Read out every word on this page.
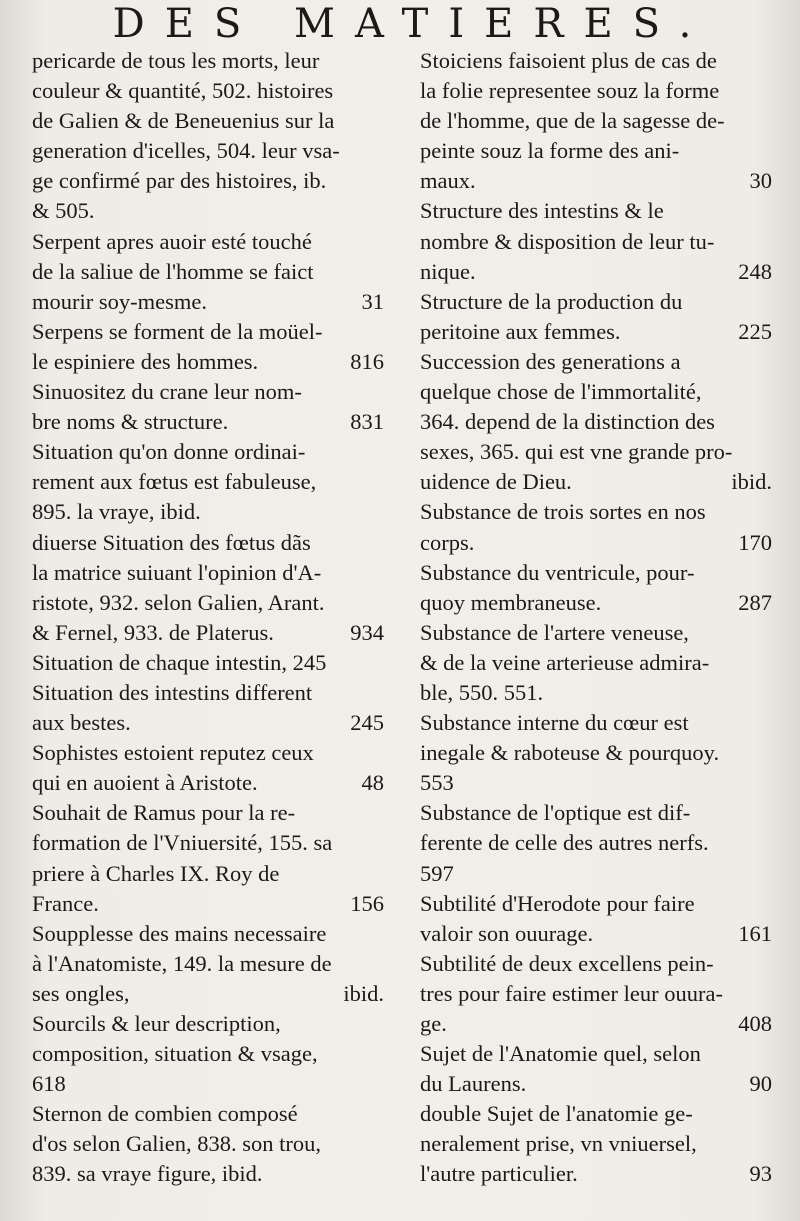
DES MATIERES.
pericarde de tous les morts, leur
couleur & quantité, 502. histoires
de Galien & de Beneuenius sur la
generation d'icelles, 504. leur vsa-
ge confirmé par des histoires, ib.
& 505.
Serpent apres auoir esté touché
de la saliue de l'homme se faict
mourir soy-mesme.	31
Serpens se forment de la moüel-
le espiniere des hommes.	816
Sinuositez du crane leur nom-
bre noms & structure.	831
Situation qu'on donne ordinai-
rement aux fœtus est fabuleuse,
895. la vraye, ibid.
diuerse Situation des fœtus dãs
la matrice suiuant l'opinion d'A-
ristote, 932. selon Galien, Arant.
& Fernel, 933. de Platerus.	934
Situation de chaque intestin, 245
Situation des intestins different
aux bestes.	245
Sophistes estoient reputez ceux
qui en auoient à Aristote.	48
Souhait de Ramus pour la re-
formation de l'Vniuersité, 155. sa
priere à Charles IX. Roy de
France.	156
Soupplesse des mains necessaire
à l'Anatomiste, 149. la mesure de
ses ongles,	ibid.
Sourcils & leur description,
composition, situation & vsage,
618
Sternon de combien composé
d'os selon Galien, 838. son trou,
839. sa vraye figure, ibid.
Stoiciens faisoient plus de cas de
la folie representee souz la forme
de l'homme, que de la sagesse de-
peinte souz la forme des ani-
maux.	30
Structure des intestins & le
nombre & disposition de leur tu-
nique.	248
Structure de la production du
peritoine aux femmes.	225
Succession des generations a
quelque chose de l'immortalité,
364. depend de la distinction des
sexes, 365. qui est vne grande pro-
uidence de Dieu.	ibid.
Substance de trois sortes en nos
corps.	170
Substance du ventricule, pour-
quoy membraneuse.	287
Substance de l'artere veneuse,
& de la veine arterieuse admira-
ble, 550. 551.
Substance interne du cœur est
inegale & raboteuse & pourquoy.
553
Substance de l'optique est dif-
ferente de celle des autres nerfs.
597
Subtilité d'Herodote pour faire
valoir son ouurage.	161
Subtilité de deux excellens pein-
tres pour faire estimer leur ouura-
ge.	408
Sujet de l'Anatomie quel, selon
du Laurens.	90
double Sujet de l'anatomie ge-
neralement prise, vn vniuersel,
l'autre particulier.	93
